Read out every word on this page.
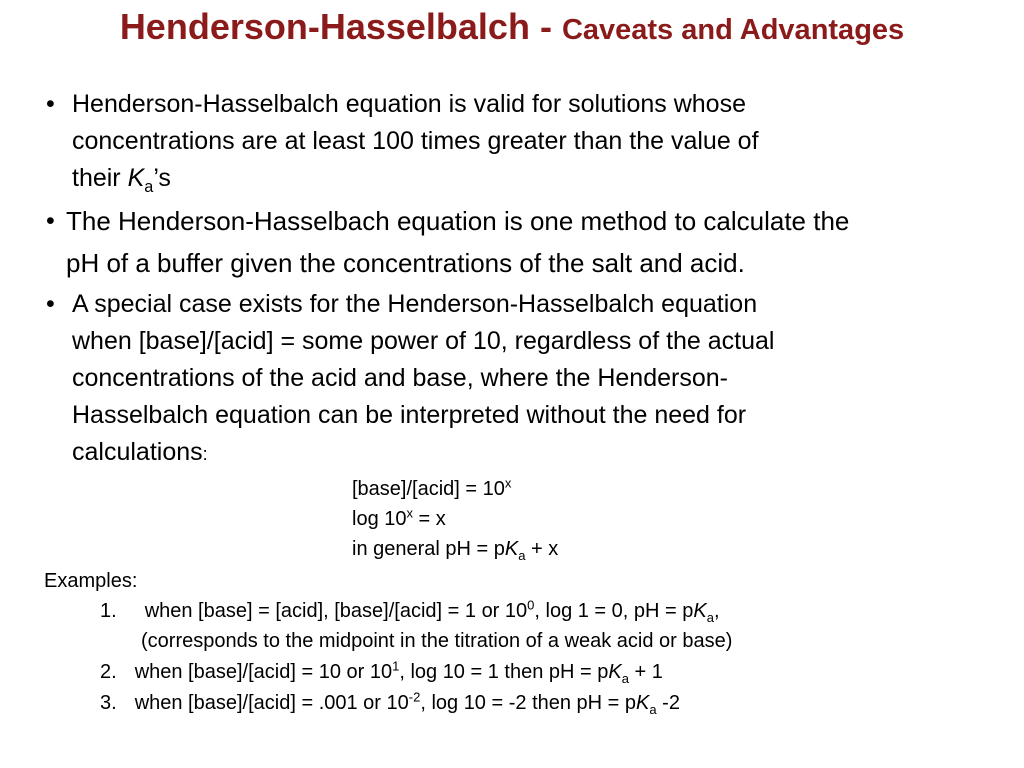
Henderson-Hasselbalch - Caveats and Advantages
• Henderson-Hasselbalch equation is valid for solutions whose
concentrations are at least 100 times greater than the value of
their $K_a’s$
• The Henderson-Hasselbach equation is one method to calculate the
pH of a buffer given the concentrations of the salt and acid.
• A special case exists for the Henderson-Hasselbalch equation
when [base]/[acid] = some power of 10, regardless of the actual
concentrations of the acid and base, where the Henderson-
Hasselbalch equation can be interpreted without the need for
calculations:
[base]/[acid] = $10^x$
$\log 10^x = x$
in general pH = $pK_a + x$
Examples:
1. when [base] = [acid], [base]/[acid] = 1 or $10^0$, log 1 = 0, pH = $pK_a$,
(corresponds to the midpoint in the titration of a weak acid or base)
2. when [base]/[acid] = 10 or $10^1$, log 10 = 1 then pH = $pK_a + 1$
3. when [base]/[acid] = .001 or $10^{-2}$, log 10 = -2 then pH = $pK_a$ -2
